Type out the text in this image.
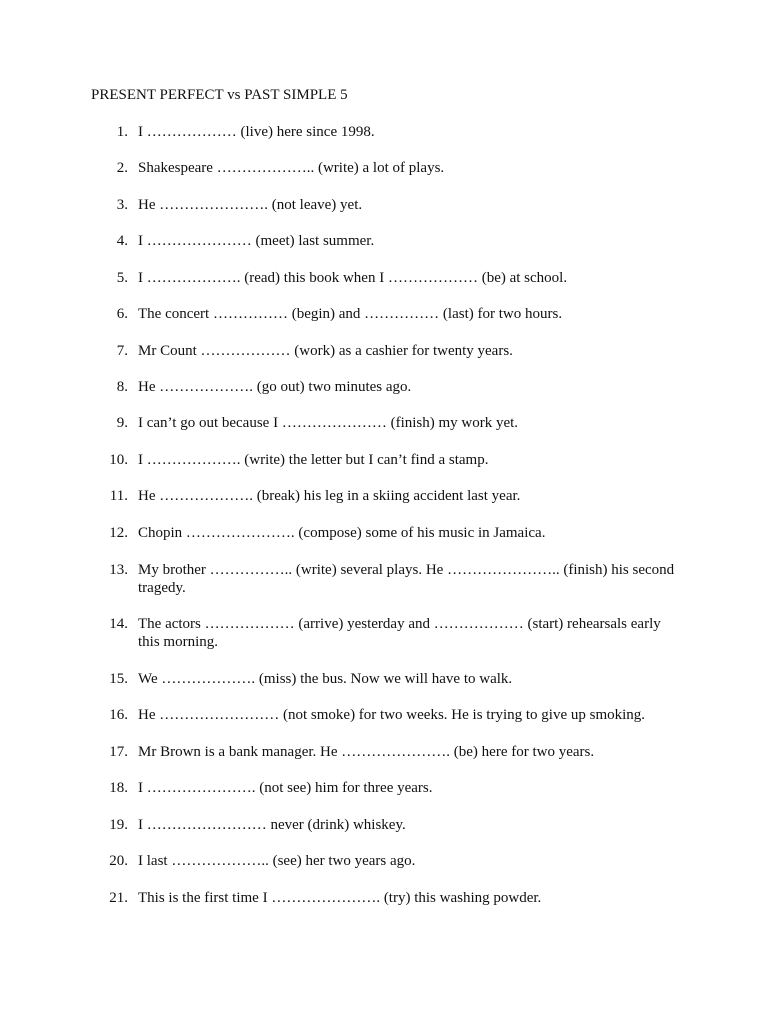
PRESENT PERFECT vs PAST SIMPLE 5
1. I ……………… (live) here since 1998.
2. Shakespeare ……………….. (write) a lot of plays.
3. He …………………. (not leave) yet.
4. I ………………… (meet) last summer.
5. I ………………. (read) this book when I ……………… (be) at school.
6. The concert …………… (begin) and …………… (last) for two hours.
7. Mr Count ……………… (work) as a cashier for twenty years.
8. He ………………. (go out) two minutes ago.
9. I can’t go out because I ………………… (finish) my work yet.
10. I ………………. (write) the letter but I can’t find a stamp.
11. He ………………. (break) his leg in a skiing accident last year.
12. Chopin …………………. (compose) some of his music in Jamaica.
13. My brother …………….. (write) several plays. He ………………….. (finish) his second tragedy.
14. The actors ……………… (arrive) yesterday and ……………… (start) rehearsals early this morning.
15. We ………………. (miss) the bus. Now we will have to walk.
16. He …………………… (not smoke) for two weeks. He is trying to give up smoking.
17. Mr Brown is a bank manager. He …………………. (be) here for two years.
18. I …………………. (not see) him for three years.
19. I …………………… never (drink) whiskey.
20. I last ……………….. (see) her two years ago.
21. This is the first time I …………………. (try) this washing powder.
